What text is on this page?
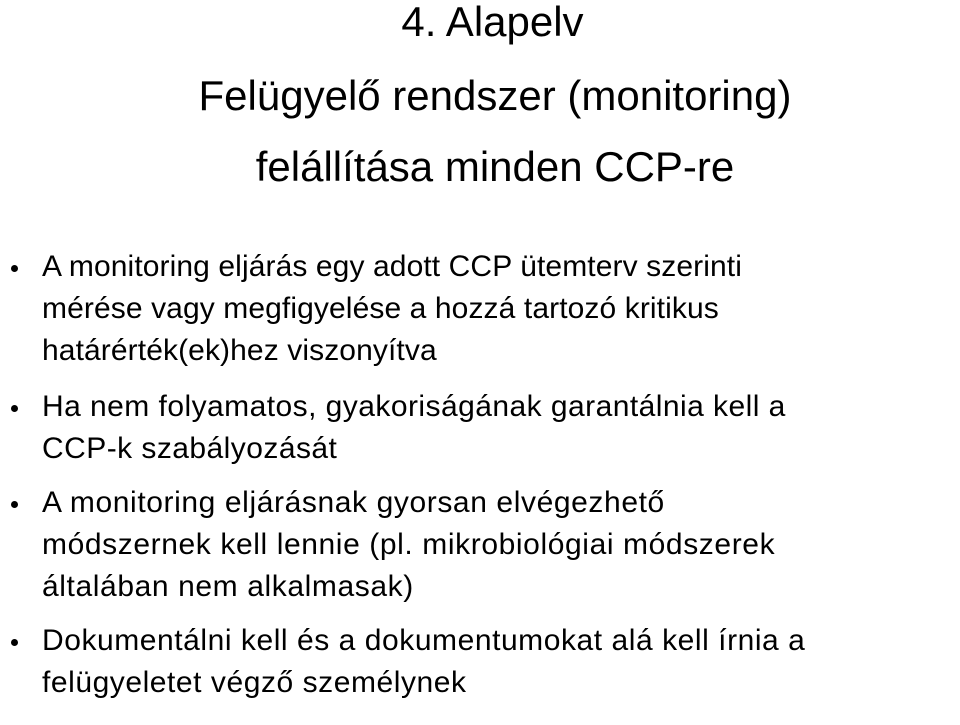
4. Alapelv
Felügyelő rendszer (monitoring)
felállítása minden CCP-re
A monitoring eljárás egy adott CCP ütemterv szerinti
mérése vagy megfigyelése a hozzá tartozó kritikus
határérték(ek)hez viszonyítva
Ha nem folyamatos, gyakoriságának garantálnia kell a
CCP-k szabályozását
A monitoring eljárásnak gyorsan elvégezhető
módszernek kell lennie (pl. mikrobiológiai módszerek
általában nem alkalmasak)
Dokumentálni kell és a dokumentumokat alá kell írnia a
felügyeletet végző személynek
